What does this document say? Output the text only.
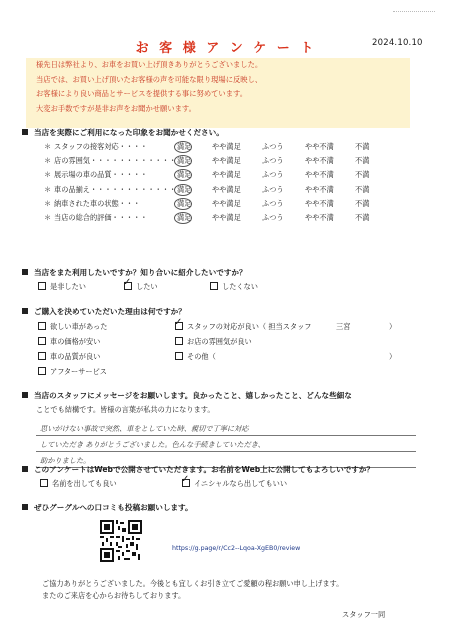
2024.10.10
お 客 様 ア ン ケ ー ト
様先日は弊社より、お車をお買い上げ頂きありがとうございました。
当店では、お買い上げ頂いたお客様の声を可能な限り現場に反映し、
お客様により良い商品とサービスを提供する事に努めています。
大変お手数ですが是非お声をお聞かせ願います。
当店を実際にご利用になった印象をお聞かせください。
＊ スタッフの接客対応・・・・	満足	やや満足	ふつう	やや不満	不満
＊ 店の雰囲気・・・・・・・・・・・・ 満足	やや満足	ふつう	やや不満	不満
＊ 展示場の車の品質・・・・・	満足	やや満足	ふつう	やや不満	不満
＊ 車の品揃え・・・・・・・・・・・・ 満足	やや満足	ふつう	やや不満	不満
＊ 納車された車の状態・・・	満足	やや満足	ふつう	やや不満	不満
＊ 当店の総合的評価・・・・・	満足	やや満足	ふつう	やや不満	不満
当店をまた利用したいですか？知り合いに紹介したいですか？
是非したい	✓ したい	したくない
ご購入を決めていただいた理由は何ですか？
欲しい車があった
車の価格が安い
車の品質が良い
アフターサービス
✓ スタッフの対応が良い（ 担当スタッフ	三宮	）
お店の雰囲気が良い
その他（	）
当店のスタッフにメッセージをお願いします。良かったこと、嬉しかったこと、どんな些細な
ことでも結構です。皆様の言葉が私共の力になります。
思いがけない事故で突然、車をとしていた時、親切で丁寧に対応
していただき ありがとうございました。色んな手続きしていただき、
助かりました。
このアンケートはWebで公開させていただきます。お名前をWeb上に公開してもよろしいですか？
名前を出しても良い	✓ イニシャルなら出してもいい
ぜひグーグルへの口コミも投稿お願いします。
https://g.page/r/Cc2--Lqoa-XgEB0/review
ご協力ありがとうございました。今後とも宜しくお引き立てご愛顧の程お願い申し上げます。
またのご来店を心からお待ちしております。
スタッフ一同
